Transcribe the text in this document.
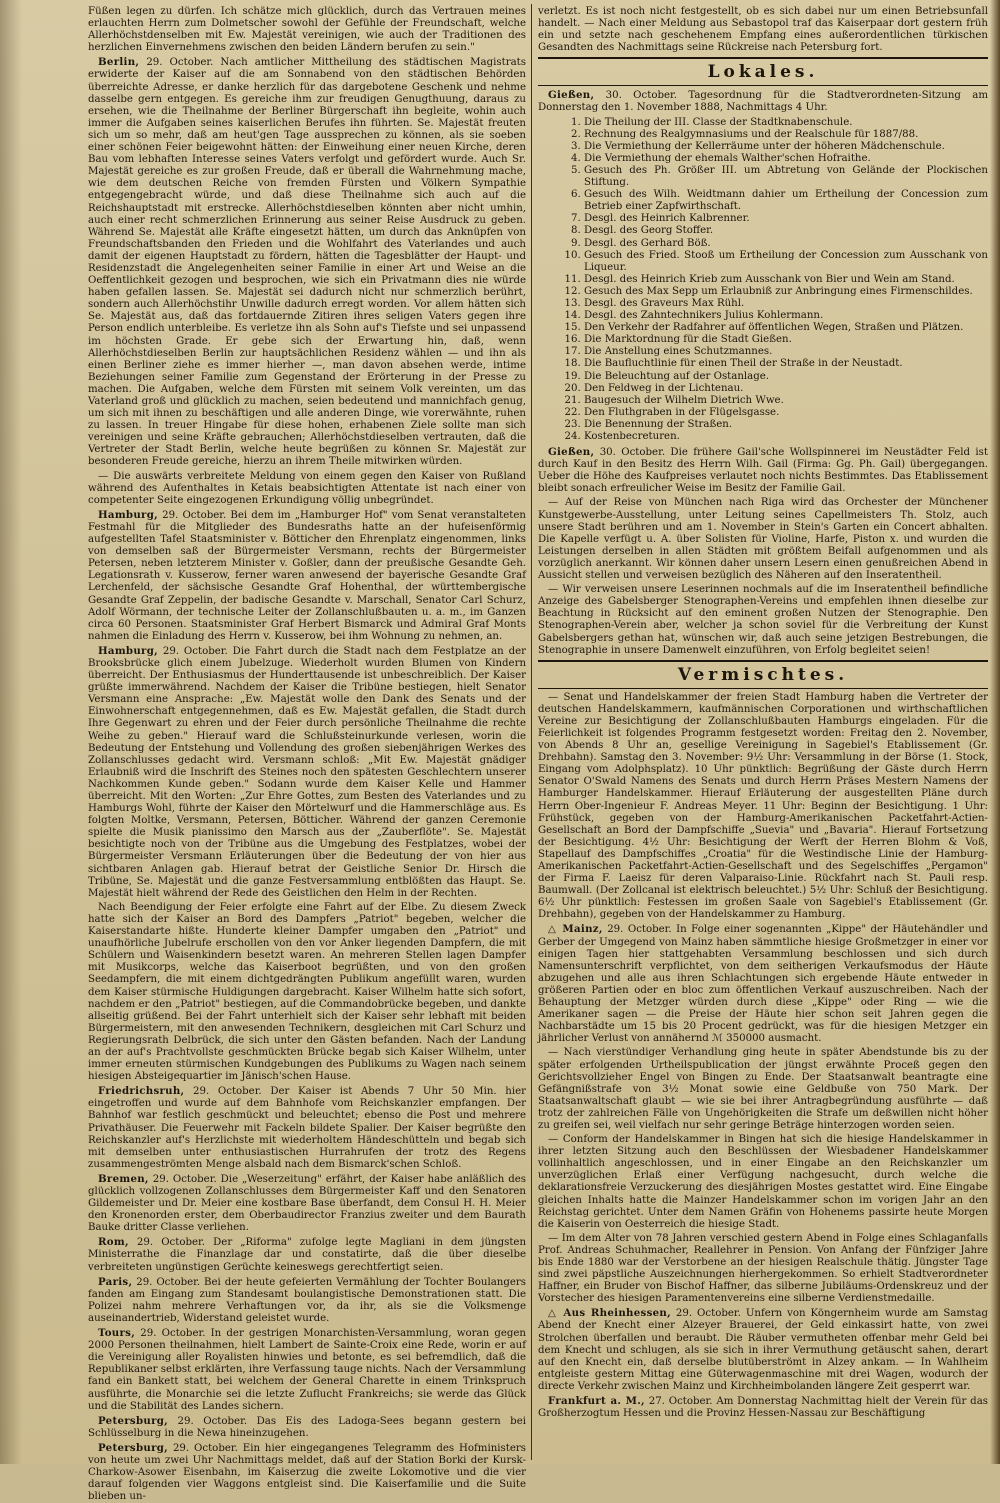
Füßen legen zu dürfen. Ich schätze mich glücklich, durch das Vertrauen meines erlauchten Herrn zum Dolmetscher sowohl der Gefühle der Freundschaft, welche Allerhöchstdenselben mit Ew. Majestät vereinigen, wie auch der Traditionen des herzlichen Einvernehmens zwischen den beiden Ländern berufen zu sein."

Berlin, 29. October. Nach amtlicher Mittheilung des städtischen Magistrats erwiderte der Kaiser auf die am Sonnabend von den städtischen Behörden überreichte Adresse, er danke herzlich für das dargebotene Geschenk und nehme dasselbe gern entgegen. Es gereiche ihm zur freudigen Genugthuung, daraus zu ersehen, wie die Theilnahme der Berliner Bürgerschaft ihn begleite, wohin auch immer die Aufgaben seines kaiserlichen Berufes ihn führten. Se. Majestät freuten sich um so mehr, daß am heut'gen Tage aussprechen zu können, als sie soeben einer schönen Feier beigewohnt hätten: der Einweihung einer neuen Kirche, deren Bau vom lebhaften Interesse seines Vaters verfolgt und gefördert wurde. Auch Sr. Majestät gereiche es zur großen Freude, daß er überall die Wahrnehmung mache, wie dem deutschen Reiche von fremden Fürsten und Völkern Sympathie entgegengebracht würde, und daß diese Theilnahme sich auch auf die Reichshauptstadt mit erstrecke. Allerhöchstdieselben könnten aber nicht umhin, auch einer recht schmerzlichen Erinnerung aus seiner Reise Ausdruck zu geben. Während Se. Majestät alle Kräfte eingesetzt hätten, um durch das Anknüpfen von Freundschaftsbanden den Frieden und die Wohlfahrt des Vaterlandes und auch damit der eigenen Hauptstadt zu fördern, hätten die Tagesblätter der Haupt- und Residenzstadt die Angelegenheiten seiner Familie in einer Art und Weise an die Oeffentlichkeit gezogen und besprochen, wie sich ein Privatmann dies nie würde haben gefallen lassen. Se. Majestät sei dadurch nicht nur schmerzlich berührt, sondern auch Allerhöchstihr Unwille dadurch erregt worden. Vor allem hätten sich Se. Majestät aus, daß das fortdauernde Zitiren ihres seligen Vaters gegen ihre Person endlich unterbleibe. Es verletze ihn als Sohn auf's Tiefste und sei unpassend im höchsten Grade. Er gebe sich der Erwartung hin, daß, wenn Allerhöchstdieselben Berlin zur hauptsächlichen Residenz wählen — und ihn als einen Berliner ziehe es immer hierher —, man davon absehen werde, intime Beziehungen seiner Familie zum Gegenstand der Erörterung in der Presse zu machen. Die Aufgaben, welche dem Fürsten mit seinem Volk vereinten, um das Vaterland groß und glücklich zu machen, seien bedeutend und mannichfach genug, um sich mit ihnen zu beschäftigen und alle anderen Dinge, wie vorerwähnte, ruhen zu lassen. In treuer Hingabe für diese hohen, erhabenen Ziele sollte man sich vereinigen und seine Kräfte gebrauchen; Allerhöchstdieselben vertrauten, daß die Vertreter der Stadt Berlin, welche heute begrüßen zu können Sr. Majestät zur besonderen Freude gereiche, hierzu an ihrem Theile mitwirken würden.

— Die auswärts verbreitete Meldung von einem gegen den Kaiser von Rußland während des Aufenthaltes in Ketais beabsichtigten Attentate ist nach einer von competenter Seite eingezogenen Erkundigung völlig unbegründet.

Hamburg, 29. October. Bei dem im „Hamburger Hof" vom Senat veranstalteten Festmahl für die Mitglieder des Bundesraths hatte an der hufeisenförmig aufgestellten Tafel Staatsminister v. Bötticher den Ehrenplatz eingenommen, links von demselben saß der Bürgermeister Versmann, rechts der Bürgermeister Petersen, neben letzterem Minister v. Goßler, dann der preußische Gesandte Geh. Legationsrath v. Kusserow, ferner waren anwesend der bayerische Gesandte Graf Lerchenfeld, der sächsische Gesandte Graf Hohenthal, der württembergische Gesandte Graf Zeppelin, der badische Gesandte v. Marschall, Senator Carl Schurz, Adolf Wörmann, der technische Leiter der Zollanschlußbauten u. a. m., im Ganzen circa 60 Personen. Staatsminister Graf Herbert Bismarck und Admiral Graf Monts nahmen die Einladung des Herrn v. Kusserow, bei ihm Wohnung zu nehmen, an.

Hamburg, 29. October. Die Fahrt durch die Stadt nach dem Festplatze an der Brooksbrücke glich einem Jubelzuge. Wiederholt wurden Blumen von Kindern überreicht. Der Enthusiasmus der Hunderttausende ist unbeschreiblich. Der Kaiser grüßte immerwährend. Nachdem der Kaiser die Tribüne bestiegen, hielt Senator Versmann eine Ansprache: „Ew. Majestät wolle den Dank des Senats und der Einwohnerschaft entgegennehmen, daß es Ew. Majestät gefallen, die Stadt durch Ihre Gegenwart zu ehren und der Feier durch persönliche Theilnahme die rechte Weihe zu geben." Hierauf ward die Schlußsteinurkunde verlesen, worin die Bedeutung der Entstehung und Vollendung des großen siebenjährigen Werkes des Zollanschlusses gedacht wird. Versmann schloß: „Mit Ew. Majestät gnädiger Erlaubniß wird die Inschrift des Steines noch den spätesten Geschlechtern unserer Nachkommen Kunde geben." Sodann wurde dem Kaiser Kelle und Hammer überreicht. Mit den Worten: „Zur Ehre Gottes, zum Besten des Vaterlandes und zu Hamburgs Wohl, führte der Kaiser den Mörtelwurf und die Hammerschläge aus. Es folgten Moltke, Versmann, Petersen, Bötticher. Während der ganzen Ceremonie spielte die Musik pianissimo den Marsch aus der „Zauberflöte". Se. Majestät besichtigte noch von der Tribüne aus die Umgebung des Festplatzes, wobei der Bürgermeister Versmann Erläuterungen über die Bedeutung der von hier aus sichtbaren Anlagen gab. Hierauf betrat der Geistliche Senior Dr. Hirsch die Tribüne, Se. Majestät und die ganze Festversammlung entblößten das Haupt. Se. Majestät hielt während der Rede des Geistlichen den Helm in der Rechten.

Nach Beendigung der Feier erfolgte eine Fahrt auf der Elbe. Zu diesem Zweck hatte sich der Kaiser an Bord des Dampfers „Patriot" begeben, welcher die Kaiserstandarte hißte. Hunderte kleiner Dampfer umgaben den „Patriot" und unaufhörliche Jubelrufe erschollen von den vor Anker liegenden Dampfern, die mit Schülern und Waisenkindern besetzt waren. An mehreren Stellen lagen Dampfer mit Musikcorps, welche das Kaiserboot begrüßten, und von den großen Seedampfern, die mit einem dichtgedrängten Publikum angefüllt waren, wurden dem Kaiser stürmische Huldigungen dargebracht. Kaiser Wilhelm hatte sich sofort, nachdem er den „Patriot" bestiegen, auf die Commandobrücke begeben, und dankte allseitig grüßend. Bei der Fahrt unterhielt sich der Kaiser sehr lebhaft mit beiden Bürgermeistern, mit den anwesenden Technikern, desgleichen mit Carl Schurz und Regierungsrath Delbrück, die sich unter den Gästen befanden. Nach der Landung an der auf's Prachtvollste geschmückten Brücke begab sich Kaiser Wilhelm, unter immer erneuten stürmischen Kundgebungen des Publikums zu Wagen nach seinem hiesigen Absteigequartier im Jänisch'schen Hause.

Friedrichsruh, 29. October. Der Kaiser ist Abends 7 Uhr 50 Min. hier eingetroffen und wurde auf dem Bahnhofe vom Reichskanzler empfangen. Der Bahnhof war festlich geschmückt und beleuchtet; ebenso die Post und mehrere Privathäuser. Die Feuerwehr mit Fackeln bildete Spalier. Der Kaiser begrüßte den Reichskanzler auf's Herzlichste mit wiederholtem Händeschütteln und begab sich mit demselben unter enthusiastischen Hurrahrufen der trotz des Regens zusammengeströmten Menge alsbald nach dem Bismarck'schen Schloß.

Bremen, 29. October. Die „Weserzeitung" erfährt, der Kaiser habe anläßlich des glücklich vollzogenen Zollanschlusses dem Bürgermeister Kaff und den Senatoren Gildemeister und Dr. Meier eine kostbare Base überfandt, dem Consul H. H. Meier den Kronenorden erster, dem Oberbaudirector Franzius zweiter und dem Baurath Bauke dritter Classe verliehen.

Rom, 29. October. Der „Riforma" zufolge legte Magliani in dem jüngsten Ministerrathe die Finanzlage dar und constatirte, daß die über dieselbe verbreiteten ungünstigen Gerüchte keineswegs gerechtfertigt seien.

Paris, 29. October. Bei der heute gefeierten Vermählung der Tochter Boulangers fanden am Eingang zum Standesamt boulangistische Demonstrationen statt. Die Polizei nahm mehrere Verhaftungen vor, da ihr, als sie die Volksmenge auseinandertrieb, Widerstand geleistet wurde.

Tours, 29. October. In der gestrigen Monarchisten-Versammlung, woran gegen 2000 Personen theilnahmen, hielt Lambert de Sainte-Croix eine Rede, worin er auf die Vereinigung aller Royalisten hinwies und betonte, es sei befremdlich, daß die Republikaner selbst erklärten, ihre Verfassung tauge nichts. Nach der Versammlung fand ein Bankett statt, bei welchem der General Charette in einem Trinkspruch ausführte, die Monarchie sei die letzte Zuflucht Frankreichs; sie werde das Glück und die Stabilität des Landes sichern.

Petersburg, 29. October. Das Eis des Ladoga-Sees begann gestern bei Schlüsselburg in die Newa hineinzugehen.

Petersburg, 29. October. Ein hier eingegangenes Telegramm des Hofministers von heute um zwei Uhr Nachmittags meldet, daß auf der Station Borki der Kursk-Charkow-Asower Eisenbahn, im Kaiserzug die zweite Lokomotive und die vier darauf folgenden vier Waggons entgleist sind. Die Kaiserfamilie und die Suite blieben un-

verletzt. Es ist noch nicht festgestellt, ob es sich dabei nur um einen Betriebsunfall handelt. — Nach einer Meldung aus Sebastopol traf das Kaiserpaar dort gestern früh ein und setzte nach geschehenem Empfang eines außerordentlichen türkischen Gesandten des Nachmittags seine Rückreise nach Petersburg fort.

Lokales.

Gießen, 30. October. Tagesordnung für die Stadtverordneten-Sitzung am Donnerstag den 1. November 1888, Nachmittags 4 Uhr.

1. Die Theilung der III. Classe der Stadtknabenschule.
2. Rechnung des Realgymnasiums und der Realschule für 1887/88.
3. Die Vermiethung der Kellerräume unter der höheren Mädchenschule.
4. Die Vermiethung der ehemals Walther'schen Hofraithe.
5. Gesuch des Ph. Größer III. um Abtretung von Gelände der Plockischen Stiftung.
6. Gesuch des Wilh. Weidtmann dahier um Ertheilung der Concession zum Betrieb einer Zapfwirthschaft.
7. Desgl. des Heinrich Kalbrenner.
8. Desgl. des Georg Stoffer.
9. Desgl. des Gerhard Böß.
10. Gesuch des Fried. Stooß um Ertheilung der Concession zum Ausschank von Liqueur.
11. Desgl. des Heinrich Krieb zum Ausschank von Bier und Wein am Stand.
12. Gesuch des Max Sepp um Erlaubniß zur Anbringung eines Firmenschildes.
13. Desgl. des Graveurs Max Rühl.
14. Desgl. des Zahntechnikers Julius Kohlermann.
15. Den Verkehr der Radfahrer auf öffentlichen Wegen, Straßen und Plätzen.
16. Die Marktordnung für die Stadt Gießen.
17. Die Anstellung eines Schutzmannes.
18. Die Baufluchtlinie für einen Theil der Straße in der Neustadt.
19. Die Beleuchtung auf der Ostanlage.
20. Den Feldweg in der Lichtenau.
21. Baugesuch der Wilhelm Dietrich Wwe.
22. Den Fluthgraben in der Flügelsgasse.
23. Die Benennung der Straßen.
24. Kostenbecreturen.

Gießen, 30. October. Die frühere Gail'sche Wollspinnerei im Neustädter Feld ist durch Kauf in den Besitz des Herrn Wilh. Gail (Firma: Gg. Ph. Gail) übergegangen. Ueber die Höhe des Kaufpreises verlautet noch nichts Bestimmtes. Das Etablissement bleibt sonach erfreulicher Weise im Besitz der Familie Gail.

— Auf der Reise von München nach Riga wird das Orchester der Münchener Kunstgewerbe-Ausstellung, unter Leitung seines Capellmeisters Th. Stolz, auch unsere Stadt berühren und am 1. November in Stein's Garten ein Concert abhalten. Die Kapelle verfügt u. A. über Solisten für Violine, Harfe, Piston x. und wurden die Leistungen derselben in allen Städten mit größtem Beifall aufgenommen und als vorzüglich anerkannt. Wir können daher unsern Lesern einen genußreichen Abend in Aussicht stellen und verweisen bezüglich des Näheren auf den Inseratentheil.

— Wir verweisen unsere Leserinnen nochmals auf die im Inseratentheil befindliche Anzeige des Gabelsberger Stenographen-Vereins und empfehlen ihnen dieselbe zur Beachtung in Rücksicht auf den eminent großen Nutzen der Stenographie. Den Stenographen-Verein aber, welcher ja schon soviel für die Verbreitung der Kunst Gabelsbergers gethan hat, wünschen wir, daß auch seine jetzigen Bestrebungen, die Stenographie in unsere Damenwelt einzuführen, von Erfolg begleitet seien!

Vermischtes.

— Senat und Handelskammer der freien Stadt Hamburg haben die Vertreter der deutschen Handelskammern, kaufmännischen Corporationen und wirthschaftlichen Vereine zur Besichtigung der Zollanschlußbauten Hamburgs eingeladen. Für die Feierlichkeit ist folgendes Programm festgesetzt worden: Freitag den 2. November, von Abends 8 Uhr an, gesellige Vereinigung in Sagebiel's Etablissement (Gr. Drehbahn). Samstag den 3. November: 9½ Uhr: Versammlung in der Börse (1. Stock, Eingang vom Adolphsplatz). 10 Uhr pünktlich: Begrüßung der Gäste durch Herrn Senator O'Swald Namens des Senats und durch Herrn Präses Mestern Namens der Hamburger Handelskammer. Hierauf Erläuterung der ausgestellten Pläne durch Herrn Ober-Ingenieur F. Andreas Meyer. 11 Uhr: Beginn der Besichtigung. 1 Uhr: Frühstück, gegeben von der Hamburg-Amerikanischen Packetfahrt-Actien-Gesellschaft an Bord der Dampfschiffe „Suevia" und „Bavaria". Hierauf Fortsetzung der Besichtigung. 4½ Uhr: Besichtigung der Werft der Herren Blohm & Voß, Stapellauf des Dampfschiffes „Croatia" für die Westindische Linie der Hamburg-Amerikanischen Packetfahrt-Actien-Gesellschaft und des Segelschiffes „Pergamon" der Firma F. Laeisz für deren Valparaiso-Linie. Rückfahrt nach St. Pauli resp. Baumwall. (Der Zollcanal ist elektrisch beleuchtet.) 5½ Uhr: Schluß der Besichtigung. 6½ Uhr pünktlich: Festessen im großen Saale von Sagebiel's Etablissement (Gr. Drehbahn), gegeben von der Handelskammer zu Hamburg.

△ Mainz, 29. October. In Folge einer sogenannten „Kippe" der Häutehändler und Gerber der Umgegend von Mainz haben sämmtliche hiesige Großmetzger in einer vor einigen Tagen hier stattgehabten Versammlung beschlossen und sich durch Namensunterschrift verpflichtet, von dem seitherigen Verkaufsmodus der Häute abzugehen und alle aus ihren Schlachtungen sich ergebende Häute entweder in größeren Partien oder en bloc zum öffentlichen Verkauf auszuschreiben. Nach der Behauptung der Metzger würden durch diese „Kippe" oder Ring — wie die Amerikaner sagen — die Preise der Häute hier schon seit Jahren gegen die Nachbarstädte um 15 bis 20 Procent gedrückt, was für die hiesigen Metzger ein jährlicher Verlust von annähernd ℳ 350000 ausmacht.

— Nach vierstündiger Verhandlung ging heute in später Abendstunde bis zu der später erfolgenden Urtheilspublication der jüngst erwähnte Proceß gegen den Gerichtsvollzieher Engel von Bingen zu Ende. Der Staatsanwalt beantragte eine Gefängnißstrafe von 3½ Monat sowie eine Geldbuße von 750 Mark. Der Staatsanwaltschaft glaubt — wie sie bei ihrer Antragbegründung ausführte — daß trotz der zahlreichen Fälle von Ungehörigkeiten die Strafe um deßwillen nicht höher zu greifen sei, weil vielfach nur sehr geringe Beträge hinterzogen worden seien.

— Conform der Handelskammer in Bingen hat sich die hiesige Handelskammer in ihrer letzten Sitzung auch den Beschlüssen der Wiesbadener Handelskammer vollinhaltlich angeschlossen, und in einer Eingabe an den Reichskanzler um unverzüglichen Erlaß einer Verfügung nachgesucht, durch welche die deklarationsfreie Verzuckerung des diesjährigen Mostes gestattet wird. Eine Eingabe gleichen Inhalts hatte die Mainzer Handelskammer schon im vorigen Jahr an den Reichstag gerichtet. Unter dem Namen Gräfin von Hohenems passirte heute Morgen die Kaiserin von Oesterreich die hiesige Stadt.

— Im dem Alter von 78 Jahren verschied gestern Abend in Folge eines Schlaganfalls Prof. Andreas Schuhmacher, Reallehrer in Pension. Von Anfang der Fünfziger Jahre bis Ende 1880 war der Verstorbene an der hiesigen Realschule thätig. Jüngster Tage sind zwei päpstliche Auszeichnungen hierhergekommen. So erhielt Stadtverordneter Haffner, ein Bruder von Bischof Haffner, das silberne Jubiläums-Ordenskreuz und der Vorstecher des hiesigen Paramentenvereins eine silberne Verdienstmedaille.

△ Aus Rheinhessen, 29. October. Unfern von Köngernheim wurde am Samstag Abend der Knecht einer Alzeyer Brauerei, der Geld einkassirt hatte, von zwei Strolchen überfallen und beraubt. Die Räuber vermutheten offenbar mehr Geld bei dem Knecht und schlugen, als sie sich in ihrer Vermuthung getäuscht sahen, derart auf den Knecht ein, daß derselbe blutüberströmt in Alzey ankam. — In Wahlheim entgleiste gestern Mittag eine Güterwagenmaschine mit drei Wagen, wodurch der directe Verkehr zwischen Mainz und Kirchheimbolanden längere Zeit gesperrt war.

Frankfurt a. M., 27. October. Am Donnerstag Nachmittag hielt der Verein für das Großherzogtum Hessen und die Provinz Hessen-Nassau zur Beschäftigung
